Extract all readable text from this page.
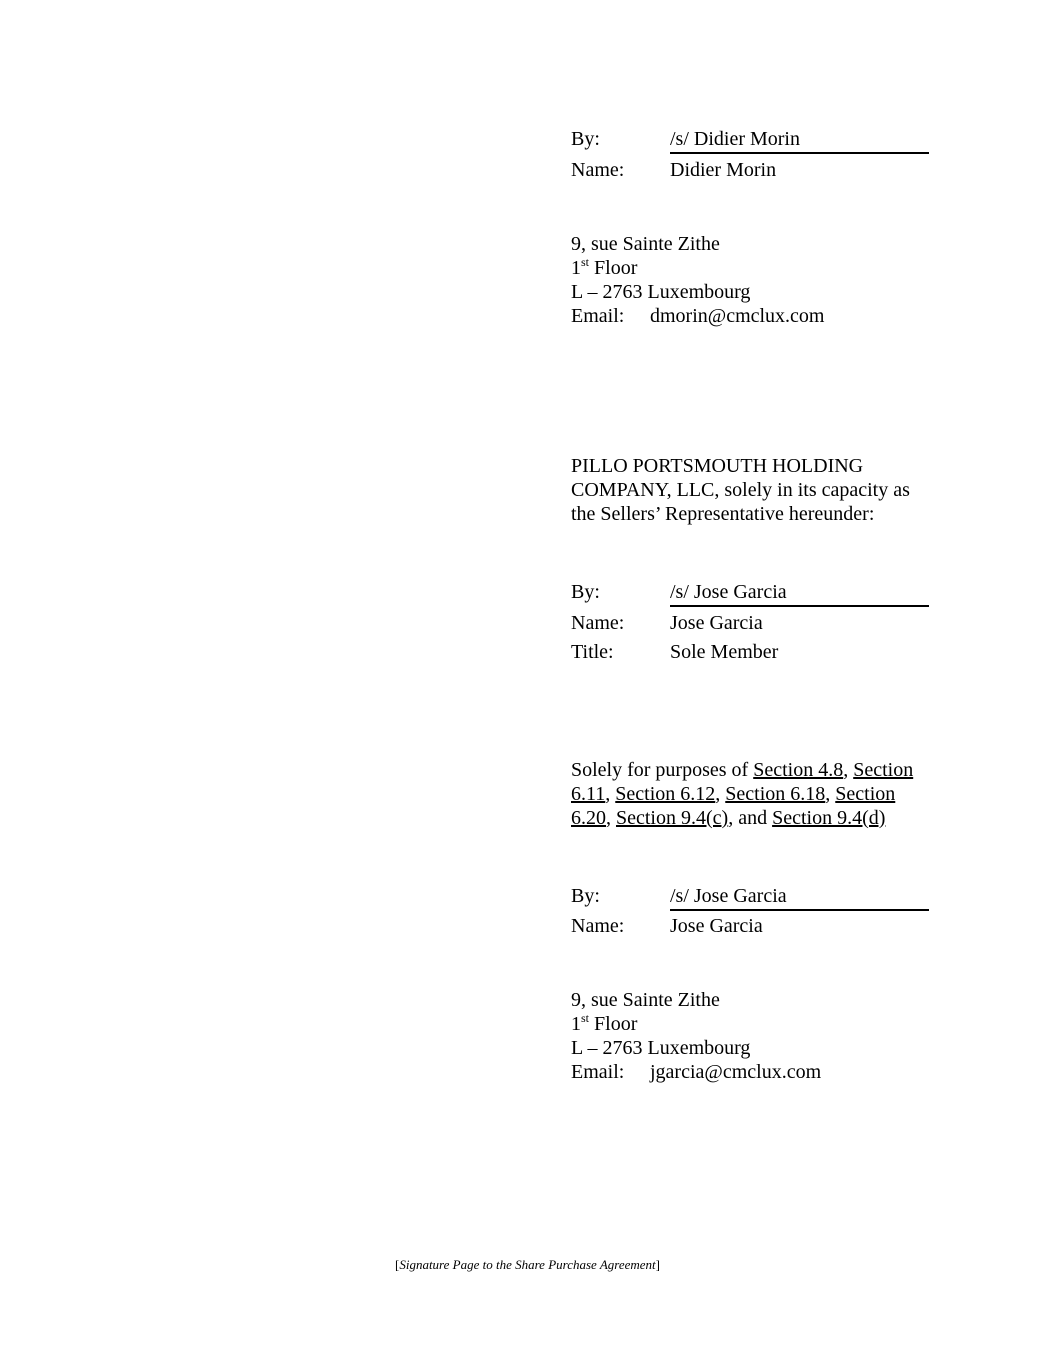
By:	/s/ Didier Morin
Name: Didier Morin
9, sue Sainte Zithe
1st Floor
L – 2763 Luxembourg
Email: dmorin@cmclux.com
PILLO PORTSMOUTH HOLDING COMPANY, LLC, solely in its capacity as the Sellers’ Representative hereunder:
By:	/s/ Jose Garcia
Name: Jose Garcia
Title:	Sole Member
Solely for purposes of Section 4.8, Section 6.11, Section 6.12, Section 6.18, Section 6.20, Section 9.4(c), and Section 9.4(d)
By:	/s/ Jose Garcia
Name: Jose Garcia
9, sue Sainte Zithe
1st Floor
L – 2763 Luxembourg
Email: jgarcia@cmclux.com
[Signature Page to the Share Purchase Agreement]
